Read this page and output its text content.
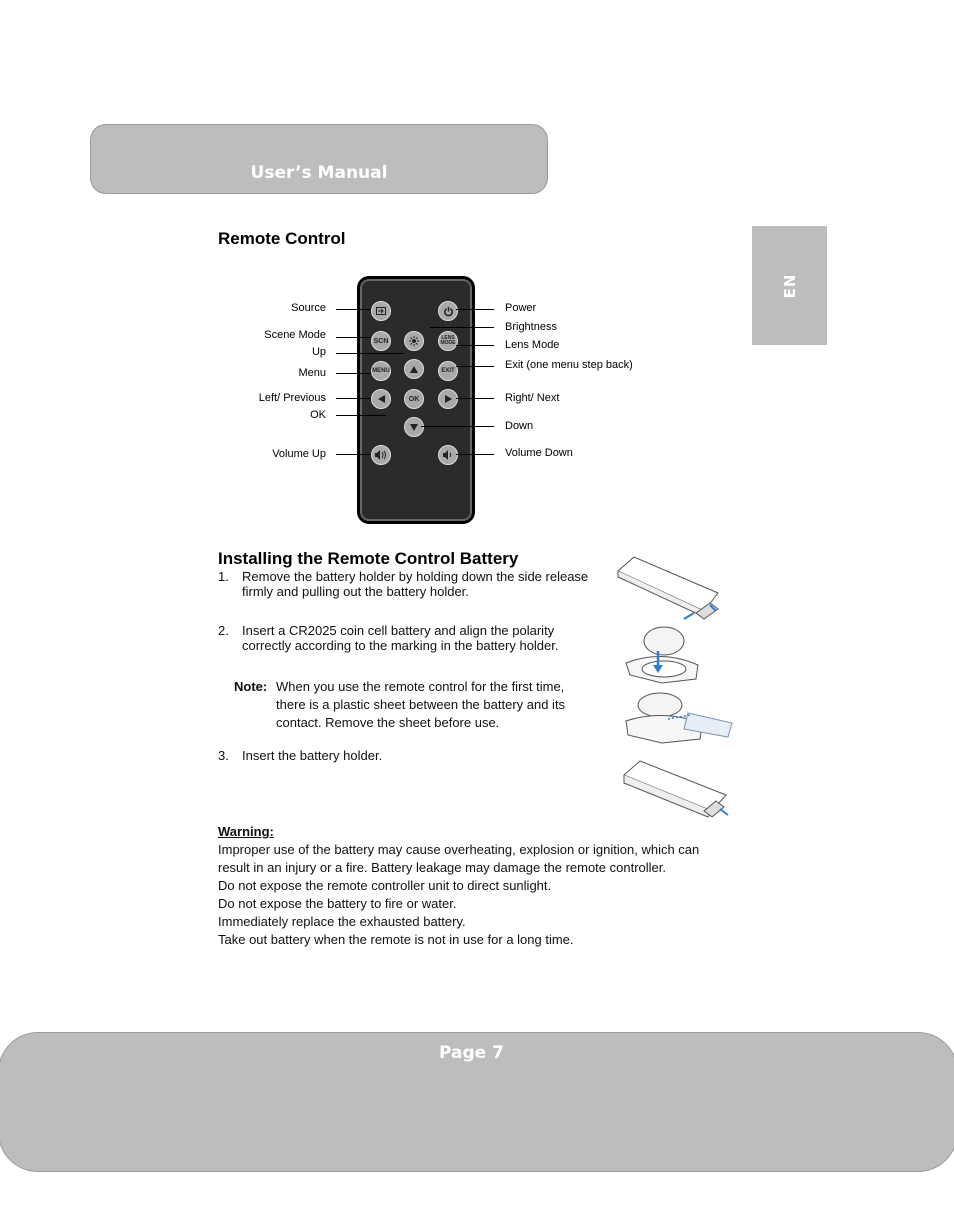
User’s Manual
EN
Remote Control
SCN	LENS MODE
MENU	EXIT
OK
Source
Scene Mode
Up
Menu
Left/ Previous
OK
Volume Up
Power
Brightness
Lens Mode
Exit (one menu step back)
Right/ Next
Down
Volume Down
Installing the Remote Control Battery
1. Remove the battery holder by holding down the side release
firmly and pulling out the battery holder.
2. Insert a CR2025 coin cell battery and align the polarity
correctly according to the marking in the battery holder.
Note: When you use the remote control for the first time,
there is a plastic sheet between the battery and its
contact. Remove the sheet before use.
3. Insert the battery holder.
Warning:
Improper use of the battery may cause overheating, explosion or ignition, which can
result in an injury or a fire. Battery leakage may damage the remote controller.
Do not expose the remote controller unit to direct sunlight.
Do not expose the battery to fire or water.
Immediately replace the exhausted battery.
Take out battery when the remote is not in use for a long time.
Page 7
